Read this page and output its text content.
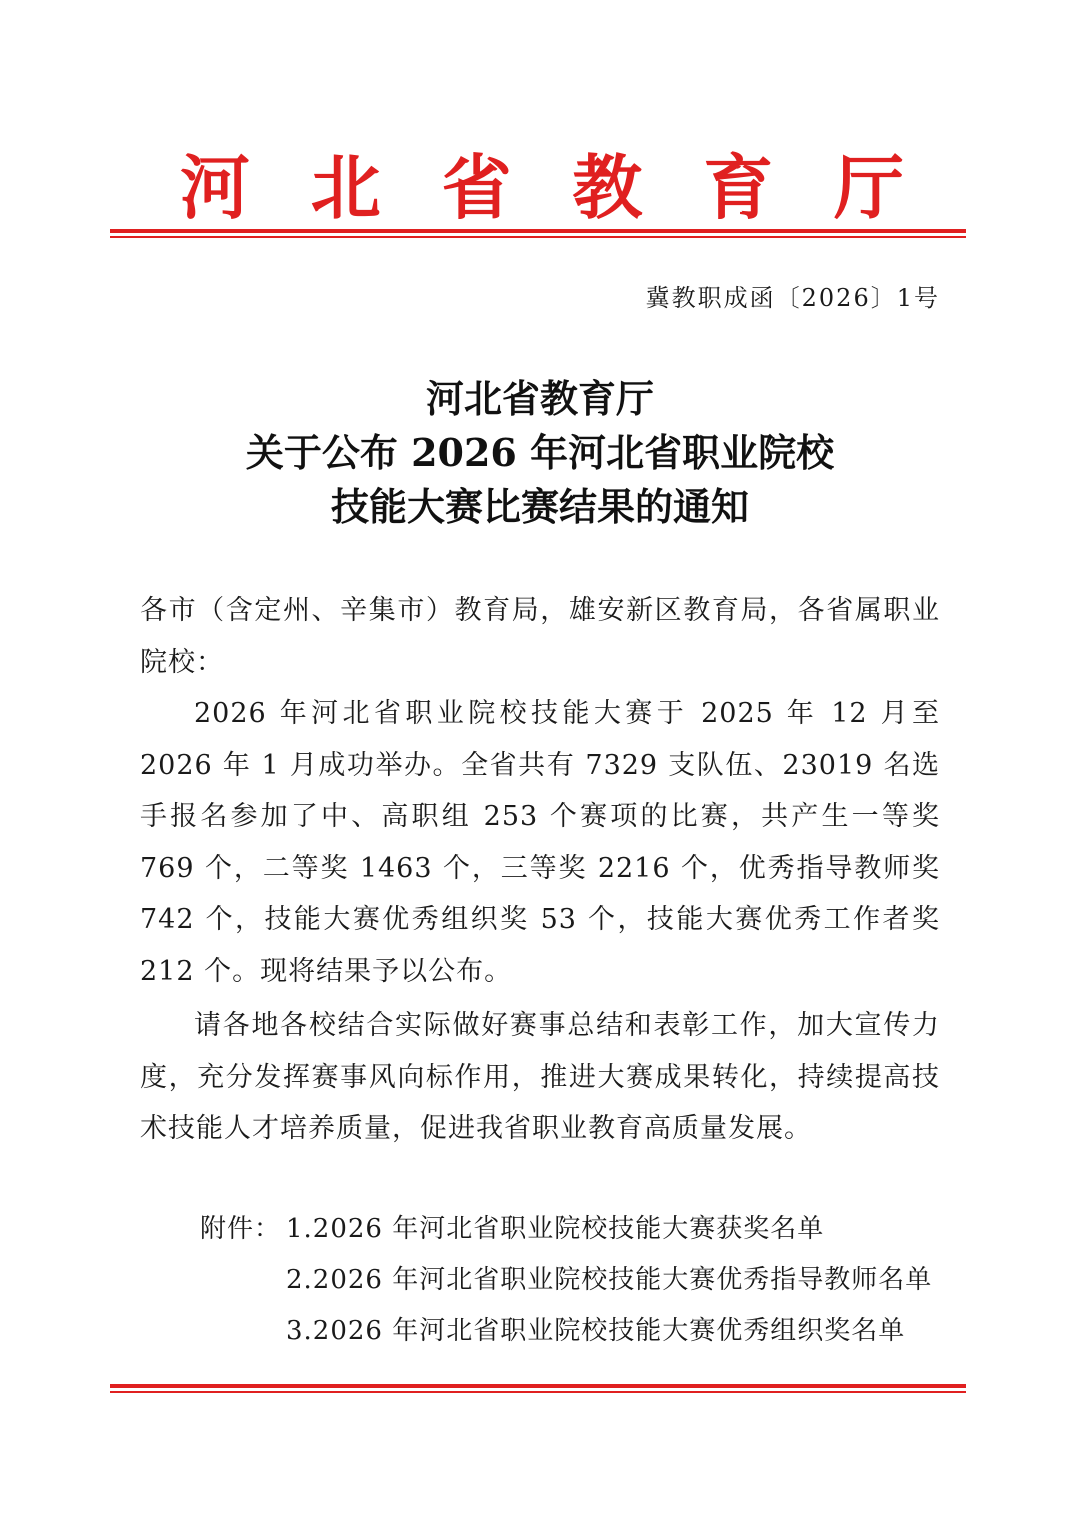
河 北 省 教 育 厅
冀教职成函〔2026〕1号
河北省教育厅
关于公布 2026 年河北省职业院校
技能大赛比赛结果的通知

各市（含定州、辛集市）教育局，雄安新区教育局，各省属职业院校：

2026 年河北省职业院校技能大赛于 2025 年 12 月至 2026 年 1 月成功举办。全省共有 7329 支队伍、23019 名选手报名参加了中、高职组 253 个赛项的比赛，共产生一等奖 769 个，二等奖 1463 个，三等奖 2216 个，优秀指导教师奖 742 个，技能大赛优秀组织奖 53 个，技能大赛优秀工作者奖 212 个。现将结果予以公布。

请各地各校结合实际做好赛事总结和表彰工作，加大宣传力度，充分发挥赛事风向标作用，推进大赛成果转化，持续提高技术技能人才培养质量，促进我省职业教育高质量发展。

附件： 1.2026 年河北省职业院校技能大赛获奖名单
2.2026 年河北省职业院校技能大赛优秀指导教师名单
3.2026 年河北省职业院校技能大赛优秀组织奖名单
